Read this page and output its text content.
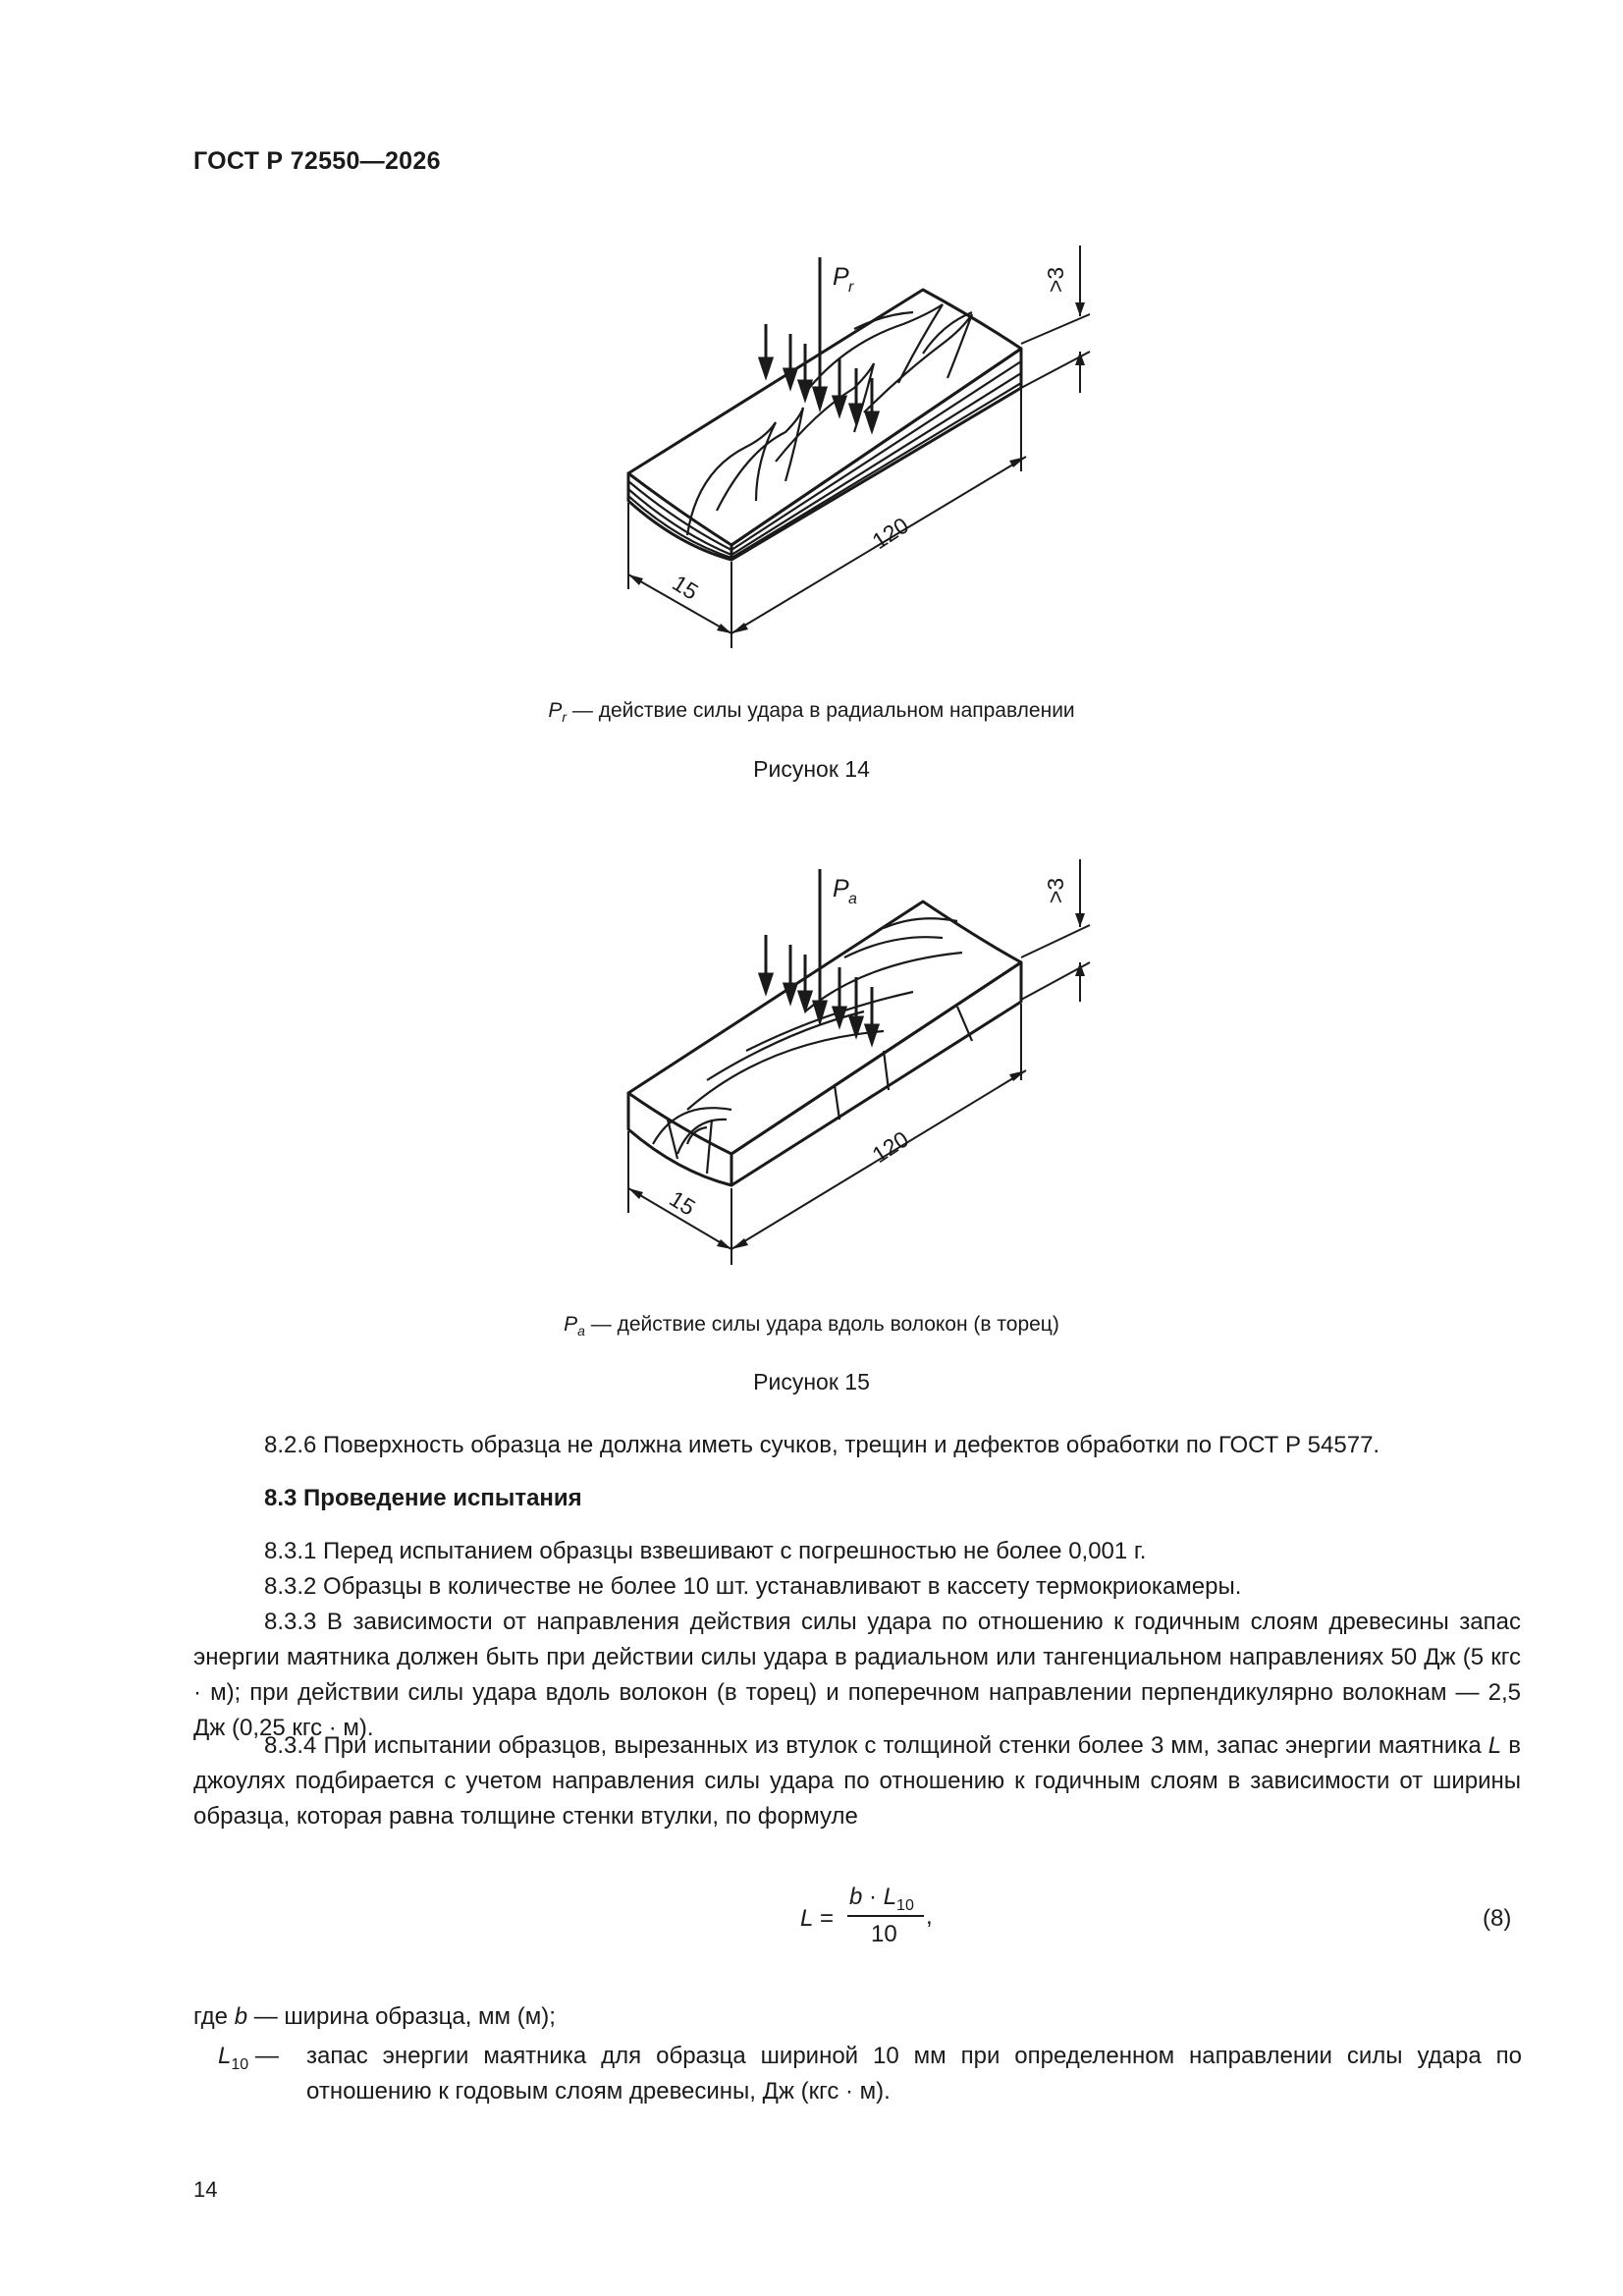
ГОСТ Р 72550—2026
P r
120
15
>3
$P_r$ — действие силы удара в радиальном направлении
Рисунок 14
P a
120
15
>3
$P_a$ — действие силы удара вдоль волокон (в торец)
Рисунок 15
8.2.6 Поверхность образца не должна иметь сучков, трещин и дефектов обработки по ГОСТ Р 54577.
8.3 Проведение испытания
8.3.1 Перед испытанием образцы взвешивают с погрешностью не более 0,001 г.
8.3.2 Образцы в количестве не более 10 шт. устанавливают в кассету термокриокамеры.
8.3.3 В зависимости от направления действия силы удара по отношению к годичным слоям древесины запас энергии маятника должен быть при действии силы удара в радиальном или тангенциальном направлениях 50 Дж (5 кгс · м); при действии силы удара вдоль волокон (в торец) и поперечном направлении перпендикулярно волокнам — 2,5 Дж (0,25 кгс · м).
8.3.4 При испытании образцов, вырезанных из втулок с толщиной стенки более 3 мм, запас энергии маятника L в джоулях подбирается с учетом направления силы удара по отношению к годичным слоям в зависимости от ширины образца, которая равна толщине стенки втулки, по формуле
L =
$b \cdot L_{10}$
10
,	(8)
где b — ширина образца, мм (м);
$L_{10}$ — запас энергии маятника для образца шириной 10 мм при определенном направлении силы удара по отношению к годовым слоям древесины, Дж (кгс · м).
14
